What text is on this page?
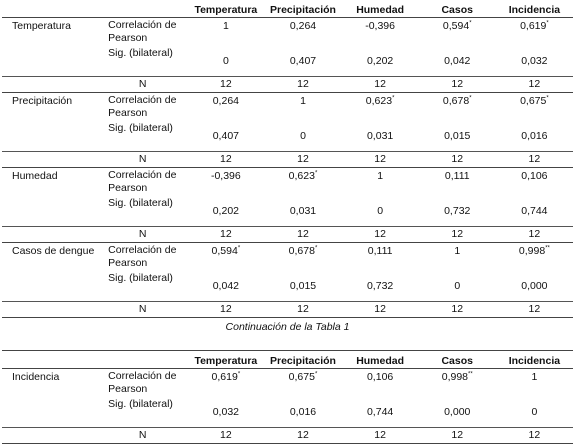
		Temperatura	Precipitación	Humedad	Casos	Incidencia
Temperatura	Correlación de Pearson	1	0,264	-0,396	0,594*	0,619*
	Sig. (bilateral)	0	0,407	0,202	0,042	0,032
	N	12	12	12	12	12
Precipitación	Correlación de Pearson	0,264	1	0,623*	0,678*	0,675*
	Sig. (bilateral)	0,407	0	0,031	0,015	0,016
	N	12	12	12	12	12
Humedad	Correlación de Pearson	-0,396	0,623*	1	0,111	0,106
	Sig. (bilateral)	0,202	0,031	0	0,732	0,744
	N	12	12	12	12	12
Casos de dengue	Correlación de Pearson	0,594*	0,678*	0,111	1	0,998**
	Sig. (bilateral)	0,042	0,015	0,732	0	0,000
	N	12	12	12	12	12
Continuación de la Tabla 1
		Temperatura	Precipitación	Humedad	Casos	Incidencia
Incidencia	Correlación de Pearson	0,619*	0,675*	0,106	0,998**	1
	Sig. (bilateral)	0,032	0,016	0,744	0,000	0
	N	12	12	12	12	12
